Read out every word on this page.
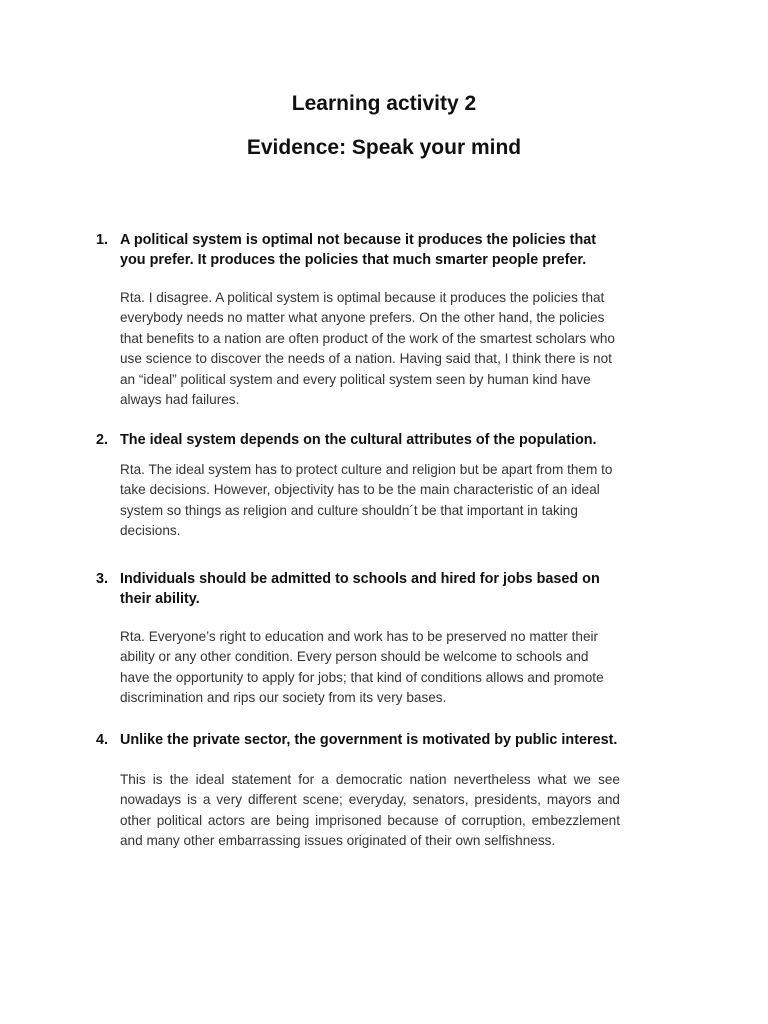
Learning activity 2
Evidence: Speak your mind
1. A political system is optimal not because it produces the policies that you prefer. It produces the policies that much smarter people prefer.

Rta. I disagree. A political system is optimal because it produces the policies that everybody needs no matter what anyone prefers. On the other hand, the policies that benefits to a nation are often product of the work of the smartest scholars who use science to discover the needs of a nation. Having said that, I think there is not an “ideal” political system and every political system seen by human kind have always had failures.

2. The ideal system depends on the cultural attributes of the population.

Rta. The ideal system has to protect culture and religion but be apart from them to take decisions. However, objectivity has to be the main characteristic of an ideal system so things as religion and culture shouldn´t be that important in taking decisions.

3. Individuals should be admitted to schools and hired for jobs based on their ability.

Rta. Everyone’s right to education and work has to be preserved no matter their ability or any other condition. Every person should be welcome to schools and have the opportunity to apply for jobs; that kind of conditions allows and promote discrimination and rips our society from its very bases.

4. Unlike the private sector, the government is motivated by public interest.

This is the ideal statement for a democratic nation nevertheless what we see nowadays is a very different scene; everyday, senators, presidents, mayors and other political actors are being imprisoned because of corruption, embezzlement and many other embarrassing issues originated of their own selfishness.
